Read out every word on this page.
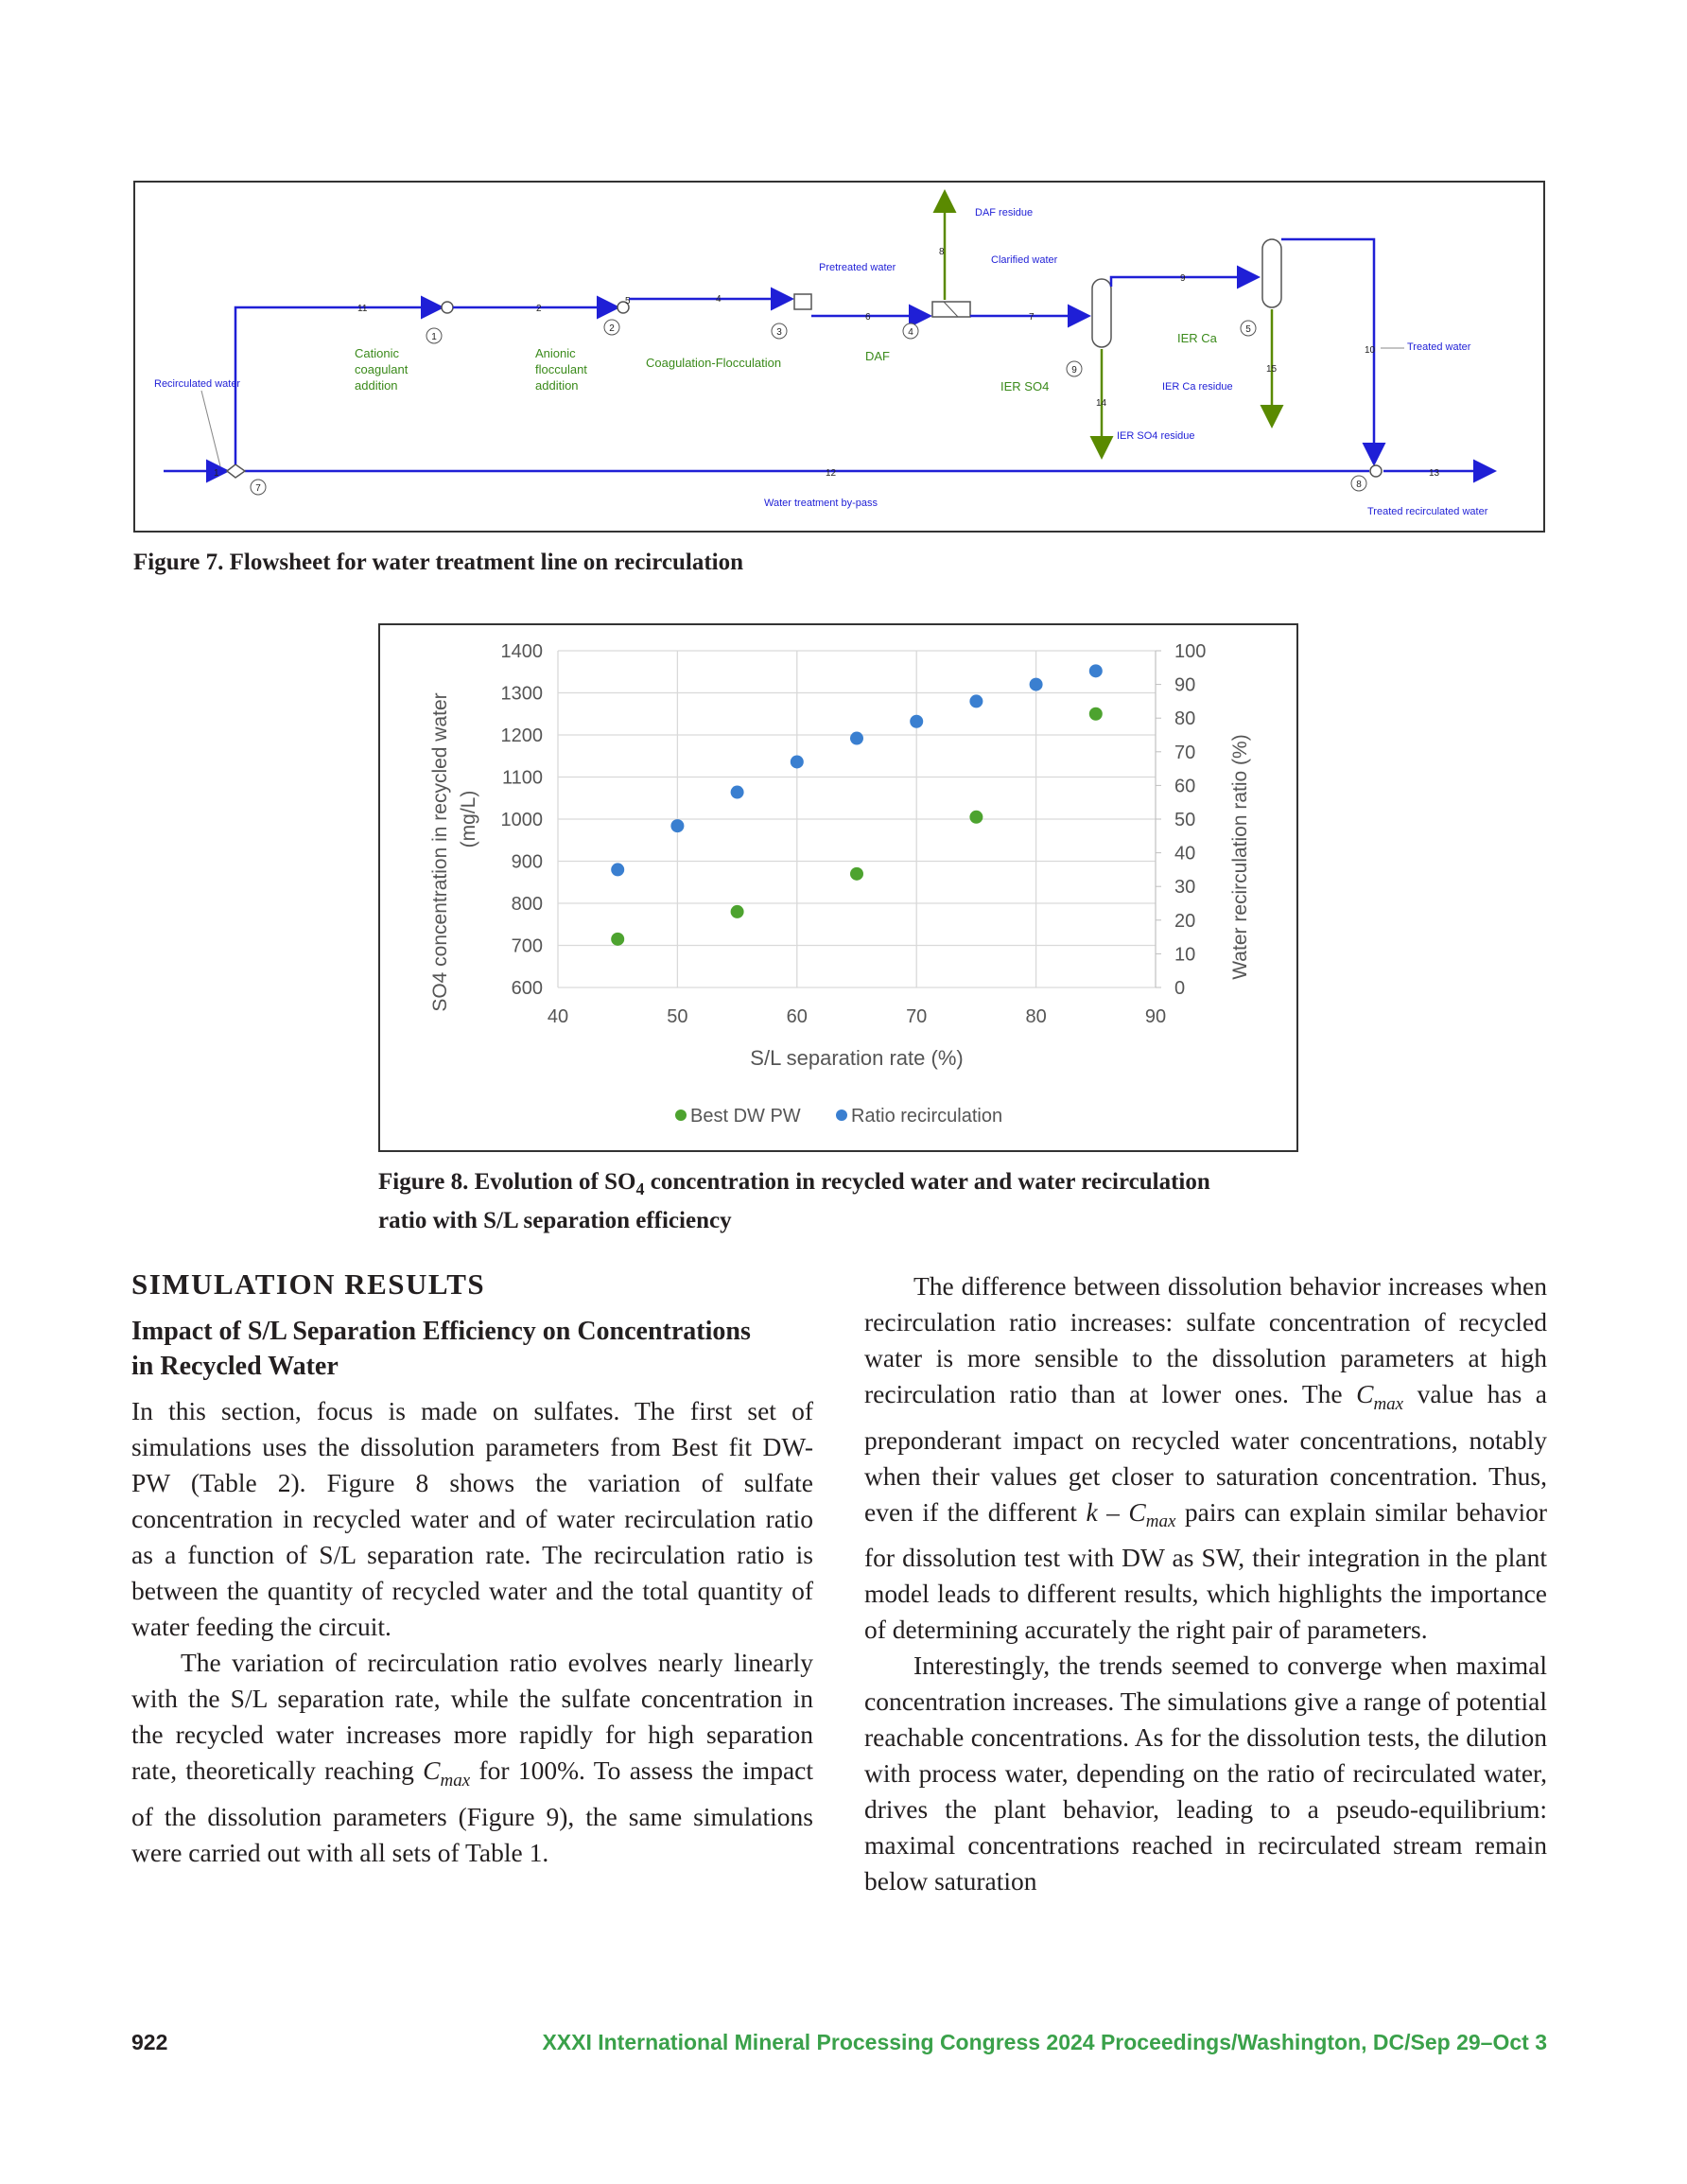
1
11	2
5	4
6
8
7
9
10
12	13
14
15
1
2	3	4	5
7	8
9
Recirculated water
Cationic
coagulant
addition
Anionic
flocculant
addition
Coagulation-Flocculation
Pretreated water
DAF
DAF residue
Clarified water
IER SO4
IER SO4 residue
IER Ca
IER Ca residue
Treated water
Water treatment by-pass
Treated recirculated water
Figure 7. Flowsheet for water treatment line on recirculation
600
700
800
900
1000
1100
1200
1300
1400
0
10
20
30
40
50
60
70
80
90
100
40	50	60	70	80	90
S/L separation rate (%)
SO4 concentration in recycled water (mg/L)	Water recirculation ratio (%)
Best DW PW	Ratio recirculation
Figure 8. Evolution of $SO_4$ concentration in recycled water and water recirculation
ratio with S/L separation efficiency
SIMULATION RESULTS
Impact of S/L Separation Efficiency on Concentrations
in Recycled Water

In this section, focus is made on sulfates. The first set of simulations uses the dissolution parameters from Best fit DW-PW (Table 2). Figure 8 shows the variation of sulfate concentration in recycled water and of water recirculation ratio as a function of S/L separation rate. The recirculation ratio is between the quantity of recycled water and the total quantity of water feeding the circuit.

The variation of recirculation ratio evolves nearly linearly with the S/L separation rate, while the sulfate concentration in the recycled water increases more rapidly for high separation rate, theoretically reaching $C_{max}$ for 100%. To assess the impact of the dissolution parameters (Figure 9), the same simulations were carried out with all sets of Table 1.

The difference between dissolution behavior increases when recirculation ratio increases: sulfate concentration of recycled water is more sensible to the dissolution parameters at high recirculation ratio than at lower ones. The $C_{max}$ value has a preponderant impact on recycled water concentrations, notably when their values get closer to saturation concentration. Thus, even if the different k – $C_{max}$ pairs can explain similar behavior for dissolution test with DW as SW, their integration in the plant model leads to different results, which highlights the importance of determining accurately the right pair of parameters.

Interestingly, the trends seemed to converge when maximal concentration increases. The simulations give a range of potential reachable concentrations. As for the dissolution tests, the dilution with process water, depending on the ratio of recirculated water, drives the plant behavior, leading to a pseudo-equilibrium: maximal concentrations reached in recirculated stream remain below saturation

922	XXXI International Mineral Processing Congress 2024 Proceedings/Washington, DC/Sep 29–Oct 3
